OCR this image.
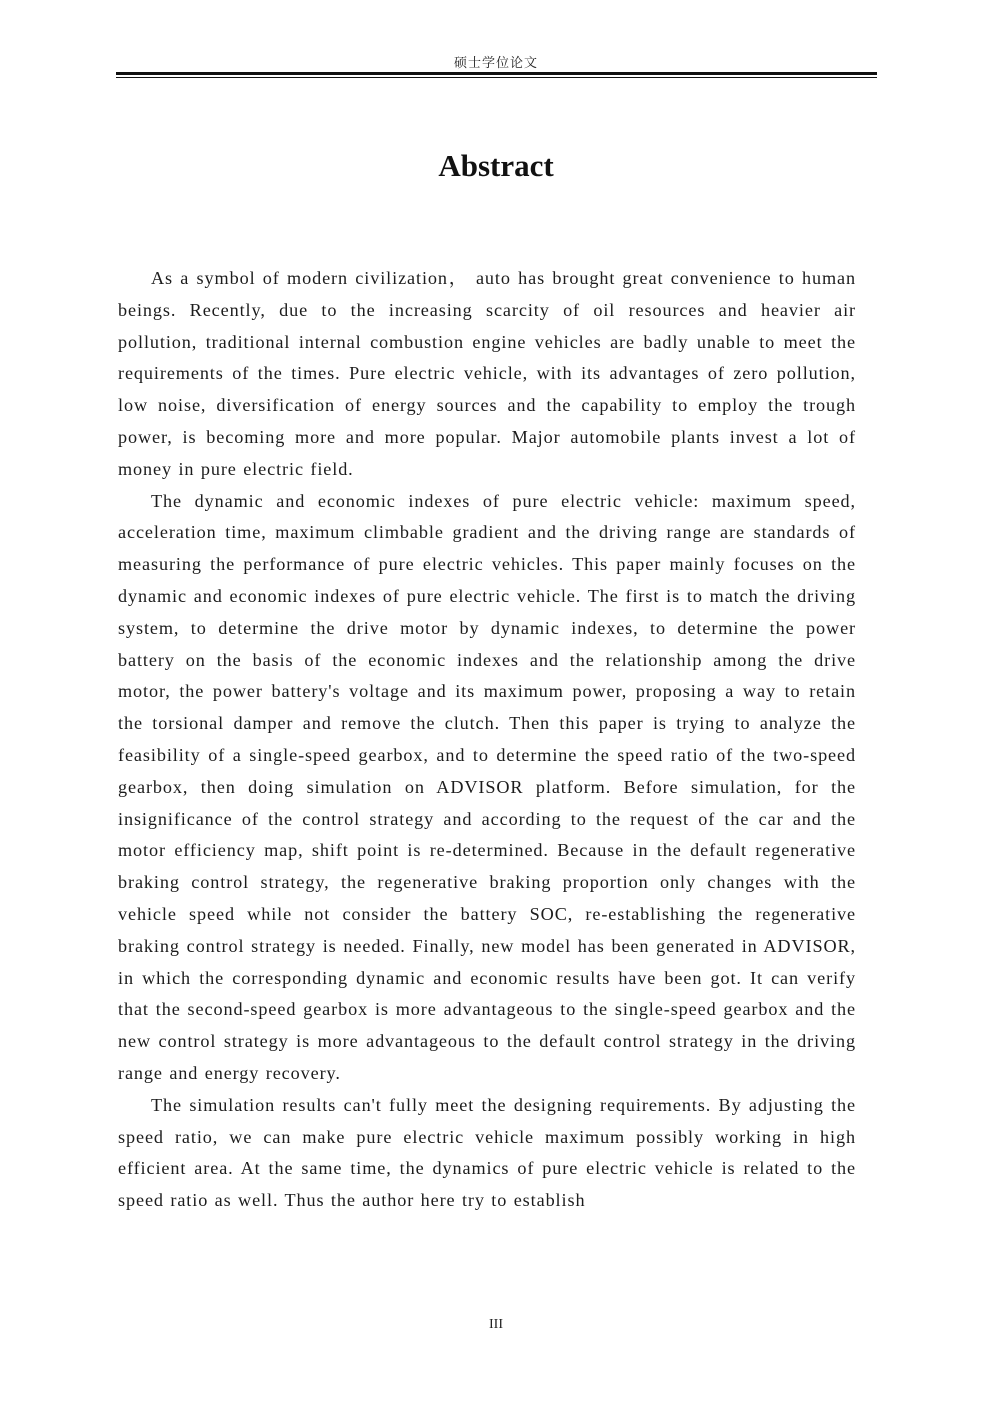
硕士学位论文
Abstract

As a symbol of modern civilization， auto has brought great convenience to human beings. Recently, due to the increasing scarcity of oil resources and heavier air pollution, traditional internal combustion engine vehicles are badly unable to meet the requirements of the times. Pure electric vehicle, with its advantages of zero pollution, low noise, diversification of energy sources and the capability to employ the trough power, is becoming more and more popular. Major automobile plants invest a lot of money in pure electric field.

The dynamic and economic indexes of pure electric vehicle: maximum speed, acceleration time, maximum climbable gradient and the driving range are standards of measuring the performance of pure electric vehicles. This paper mainly focuses on the dynamic and economic indexes of pure electric vehicle. The first is to match the driving system, to determine the drive motor by dynamic indexes, to determine the power battery on the basis of the economic indexes and the relationship among the drive motor, the power battery's voltage and its maximum power, proposing a way to retain the torsional damper and remove the clutch. Then this paper is trying to analyze the feasibility of a single-speed gearbox, and to determine the speed ratio of the two-speed gearbox, then doing simulation on ADVISOR platform. Before simulation, for the insignificance of the control strategy and according to the request of the car and the motor efficiency map, shift point is re-determined. Because in the default regenerative braking control strategy, the regenerative braking proportion only changes with the vehicle speed while not consider the battery SOC, re-establishing the regenerative braking control strategy is needed. Finally, new model has been generated in ADVISOR, in which the corresponding dynamic and economic results have been got. It can verify that the second-speed gearbox is more advantageous to the single-speed gearbox and the new control strategy is more advantageous to the default control strategy in the driving range and energy recovery.

The simulation results can't fully meet the designing requirements. By adjusting the speed ratio, we can make pure electric vehicle maximum possibly working in high efficient area. At the same time, the dynamics of pure electric vehicle is related to the speed ratio as well. Thus the author here try to establish

III
